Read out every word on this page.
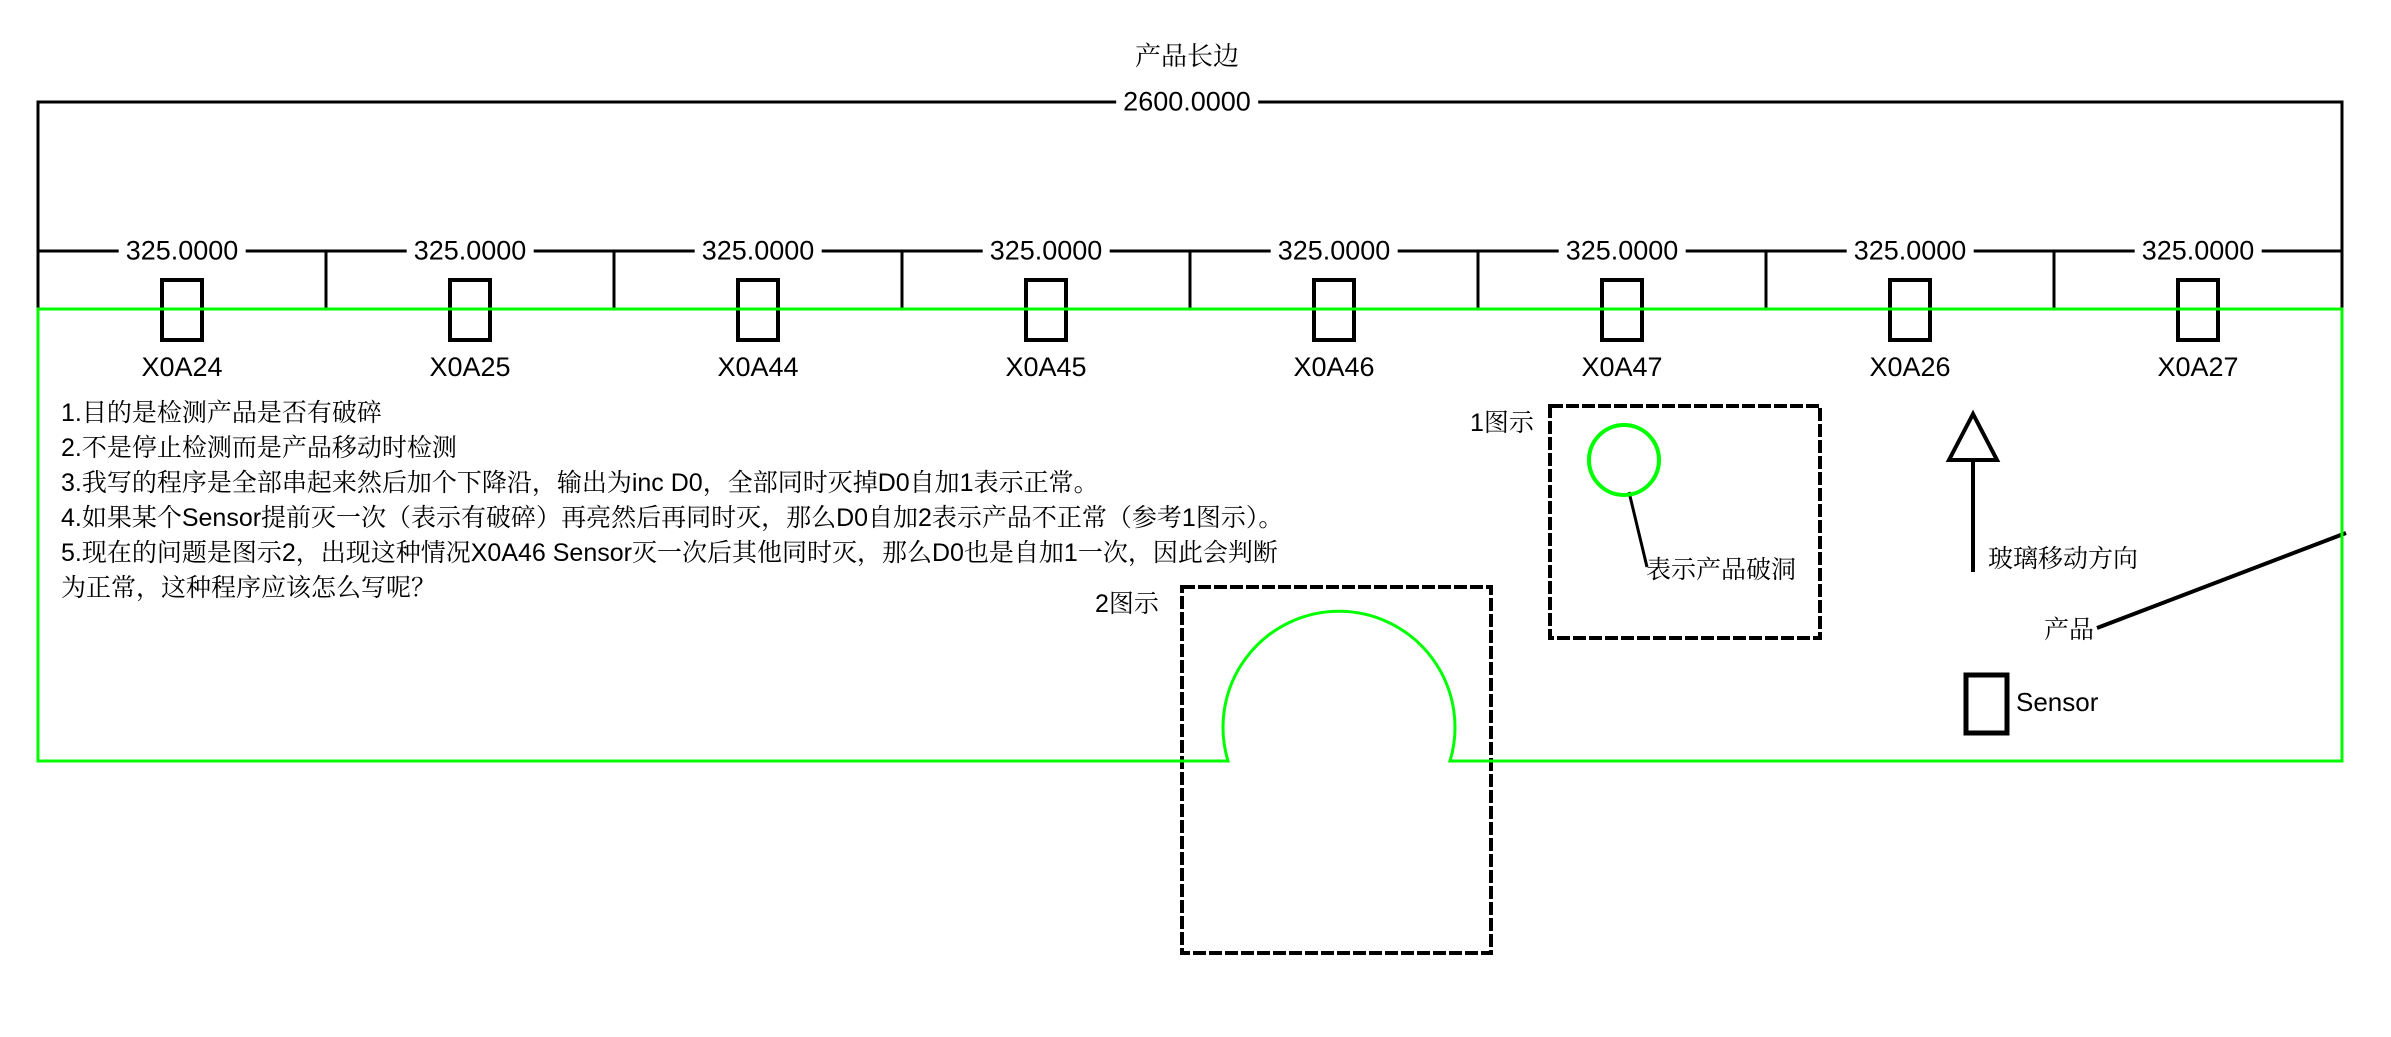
产品长边
2600.0000
325.0000	325.0000	325.0000	325.0000	325.0000	325.0000	325.0000	325.0000
X0A24	X0A25	X0A44	X0A45	X0A46	X0A47	X0A26	X0A27
1.目的是检测产品是否有破碎
2.不是停止检测而是产品移动时检测
3.我写的程序是全部串起来然后加个下降沿，输出为inc D0，全部同时灭掉D0自加1表示正常。
4.如果某个Sensor提前灭一次（表示有破碎）再亮然后再同时灭，那么D0自加2表示产品不正常（参考1图示）。
5.现在的问题是图示2，出现这种情况X0A46 Sensor灭一次后其他同时灭，那么D0也是自加1一次，因此会判断
为正常，这种程序应该怎么写呢？
1图示
表示产品破洞
2图示
玻璃移动方向
产品
Sensor
